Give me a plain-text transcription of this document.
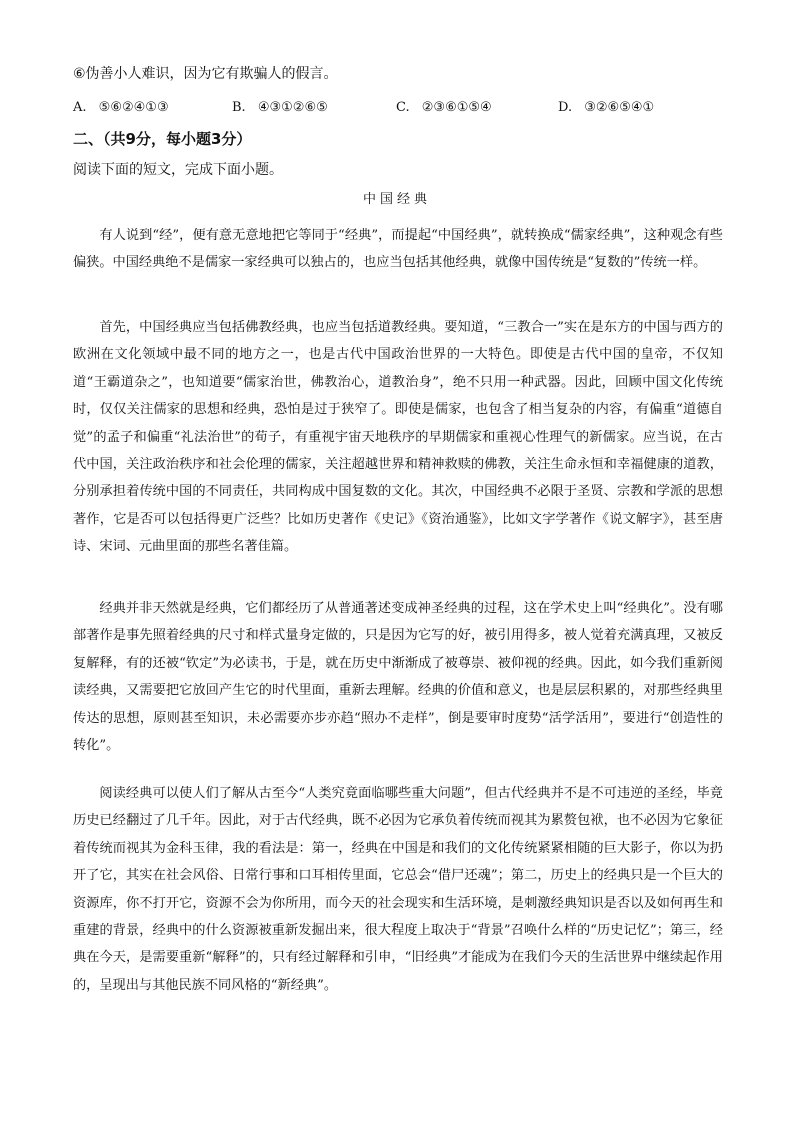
⑥伪善小人难识，因为它有欺骗人的假言。
A. ⑤⑥②④①③	B. ④③①②⑥⑤	C. ②③⑥①⑤④	D. ③②⑥⑤④①
二、（共9分，每小题3分）
阅读下面的短文，完成下面小题。
中国经典

有人说到“经”，便有意无意地把它等同于“经典”，而提起“中国经典”，就转换成“儒家经典”，这种观念有些偏狭。中国经典绝不是儒家一家经典可以独占的，也应当包括其他经典，就像中国传统是“复数的”传统一样。

首先，中国经典应当包括佛教经典，也应当包括道教经典。要知道，“三教合一”实在是东方的中国与西方的欧洲在文化领域中最不同的地方之一，也是古代中国政治世界的一大特色。即使是古代中国的皇帝，不仅知道“王霸道杂之”，也知道要“儒家治世，佛教治心，道教治身”，绝不只用一种武器。因此，回顾中国文化传统时，仅仅关注儒家的思想和经典，恐怕是过于狭窄了。即使是儒家，也包含了相当复杂的内容，有偏重“道德自觉”的孟子和偏重“礼法治世”的荀子，有重视宇宙天地秩序的早期儒家和重视心性理气的新儒家。应当说，在古代中国，关注政治秩序和社会伦理的儒家，关注超越世界和精神救赎的佛教，关注生命永恒和幸福健康的道教，分别承担着传统中国的不同责任，共同构成中国复数的文化。其次，中国经典不必限于圣贤、宗教和学派的思想著作，它是否可以包括得更广泛些？比如历史著作《史记》《资治通鉴》，比如文字学著作《说文解字》，甚至唐诗、宋词、元曲里面的那些名著佳篇。

经典并非天然就是经典，它们都经历了从普通著述变成神圣经典的过程，这在学术史上叫“经典化”。没有哪部著作是事先照着经典的尺寸和样式量身定做的，只是因为它写的好，被引用得多，被人觉着充满真理，又被反复解释，有的还被“钦定”为必读书，于是，就在历史中渐渐成了被尊崇、被仰视的经典。因此，如今我们重新阅读经典，又需要把它放回产生它的时代里面，重新去理解。经典的价值和意义，也是层层积累的，对那些经典里传达的思想，原则甚至知识，未必需要亦步亦趋“照办不走样”，倒是要审时度势“活学活用”，要进行“创造性的转化”。

阅读经典可以使人们了解从古至今“人类究竟面临哪些重大问题”，但古代经典并不是不可违逆的圣经，毕竟历史已经翻过了几千年。因此，对于古代经典，既不必因为它承负着传统而视其为累赘包袱，也不必因为它象征着传统而视其为金科玉律，我的看法是：第一，经典在中国是和我们的文化传统紧紧相随的巨大影子，你以为扔开了它，其实在社会风俗、日常行事和口耳相传里面，它总会“借尸还魂”；第二，历史上的经典只是一个巨大的资源库，你不打开它，资源不会为你所用，而今天的社会现实和生活环境，是刺激经典知识是否以及如何再生和重建的背景，经典中的什么资源被重新发掘出来，很大程度上取决于“背景”召唤什么样的“历史记忆”；第三，经典在今天，是需要重新“解释”的，只有经过解释和引申，“旧经典”才能成为在我们今天的生活世界中继续起作用的，呈现出与其他民族不同风格的“新经典”。
